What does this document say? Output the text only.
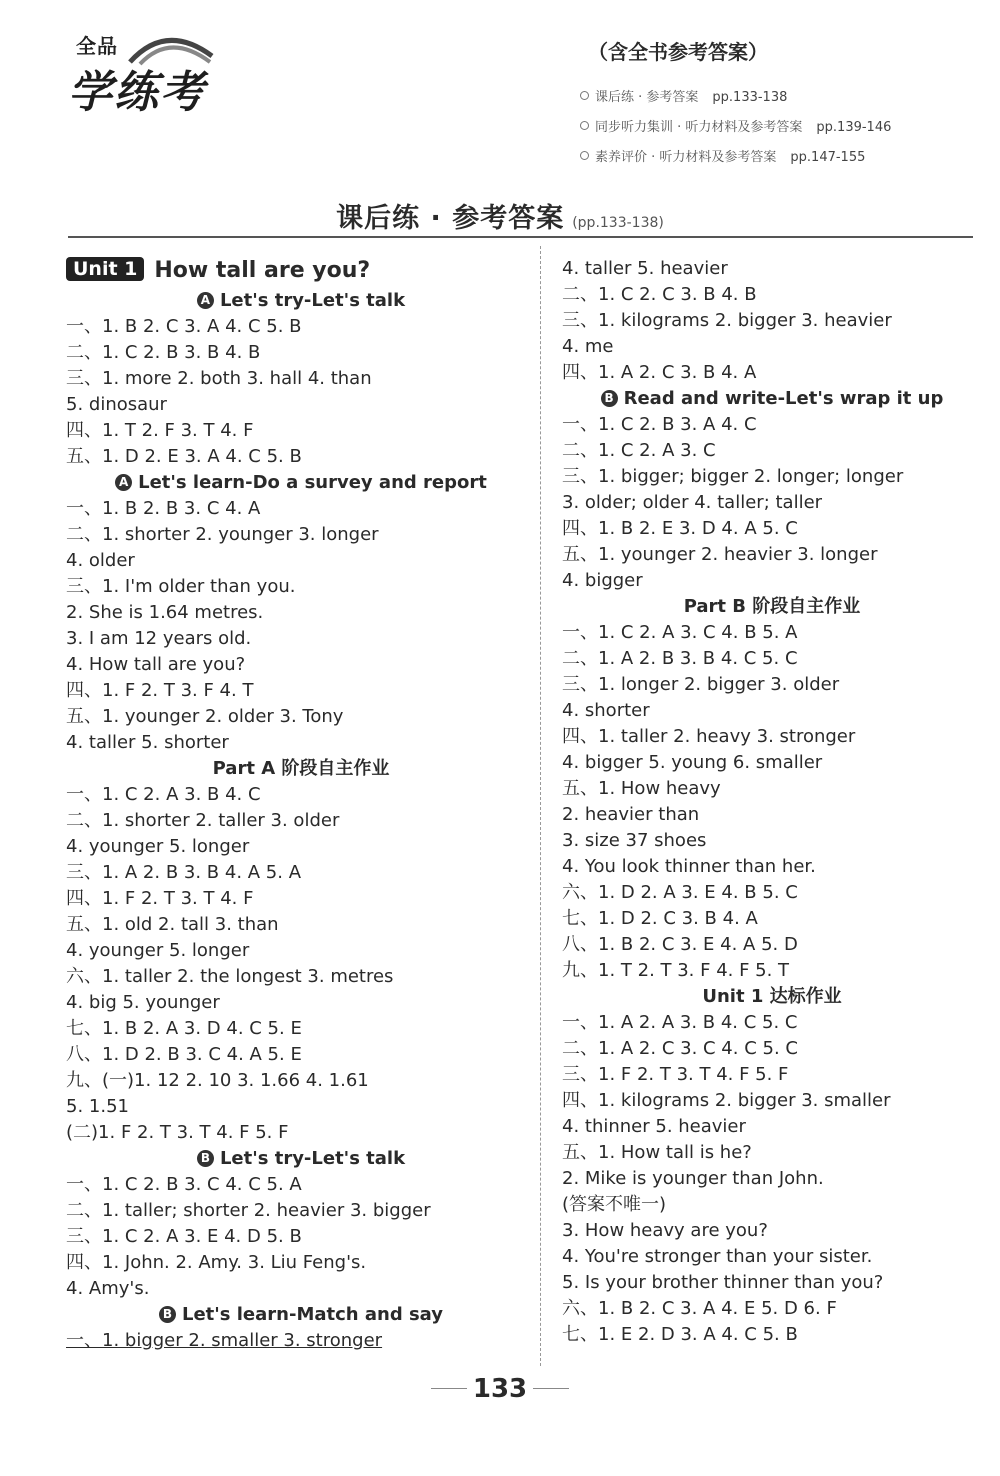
全品
学练考
（含全书参考答案）
课后练 · 参考答案 pp.133-138
同步听力集训 · 听力材料及参考答案 pp.139-146
素养评价 · 听力材料及参考答案 pp.147-155
课后练 · 参考答案 (pp.133-138)
Unit 1 How tall are you?
A Let's try-Let's talk
一、1. B 2. C 3. A 4. C 5. B
二、1. C 2. B 3. B 4. B
三、1. more 2. both 3. hall 4. than
5. dinosaur
四、1. T 2. F 3. T 4. F
五、1. D 2. E 3. A 4. C 5. B
A Let's learn-Do a survey and report
一、1. B 2. B 3. C 4. A
二、1. shorter 2. younger 3. longer
4. older
三、1. I'm older than you.
2. She is 1.64 metres.
3. I am 12 years old.
4. How tall are you?
四、1. F 2. T 3. F 4. T
五、1. younger 2. older 3. Tony
4. taller 5. shorter
Part A 阶段自主作业
一、1. C 2. A 3. B 4. C
二、1. shorter 2. taller 3. older
4. younger 5. longer
三、1. A 2. B 3. B 4. A 5. A
四、1. F 2. T 3. T 4. F
五、1. old 2. tall 3. than
4. younger 5. longer
六、1. taller 2. the longest 3. metres
4. big 5. younger
七、1. B 2. A 3. D 4. C 5. E
八、1. D 2. B 3. C 4. A 5. E
九、(一)1. 12 2. 10 3. 1.66 4. 1.61
5. 1.51
(二)1. F 2. T 3. T 4. F 5. F
B Let's try-Let's talk
一、1. C 2. B 3. C 4. C 5. A
二、1. taller; shorter 2. heavier 3. bigger
三、1. C 2. A 3. E 4. D 5. B
四、1. John. 2. Amy. 3. Liu Feng's.
4. Amy's.
B Let's learn-Match and say
一、1. bigger 2. smaller 3. stronger
4. taller 5. heavier
二、1. C 2. C 3. B 4. B
三、1. kilograms 2. bigger 3. heavier
4. me
四、1. A 2. C 3. B 4. A
B Read and write-Let's wrap it up
一、1. C 2. B 3. A 4. C
二、1. C 2. A 3. C
三、1. bigger; bigger 2. longer; longer
3. older; older 4. taller; taller
四、1. B 2. E 3. D 4. A 5. C
五、1. younger 2. heavier 3. longer
4. bigger
Part B 阶段自主作业
一、1. C 2. A 3. C 4. B 5. A
二、1. A 2. B 3. B 4. C 5. C
三、1. longer 2. bigger 3. older
4. shorter
四、1. taller 2. heavy 3. stronger
4. bigger 5. young 6. smaller
五、1. How heavy
2. heavier than
3. size 37 shoes
4. You look thinner than her.
六、1. D 2. A 3. E 4. B 5. C
七、1. D 2. C 3. B 4. A
八、1. B 2. C 3. E 4. A 5. D
九、1. T 2. T 3. F 4. F 5. T
Unit 1 达标作业
一、1. A 2. A 3. B 4. C 5. C
二、1. A 2. C 3. C 4. C 5. C
三、1. F 2. T 3. T 4. F 5. F
四、1. kilograms 2. bigger 3. smaller
4. thinner 5. heavier
五、1. How tall is he?
2. Mike is younger than John.
(答案不唯一)
3. How heavy are you?
4. You're stronger than your sister.
5. Is your brother thinner than you?
六、1. B 2. C 3. A 4. E 5. D 6. F
七、1. E 2. D 3. A 4. C 5. B
133
